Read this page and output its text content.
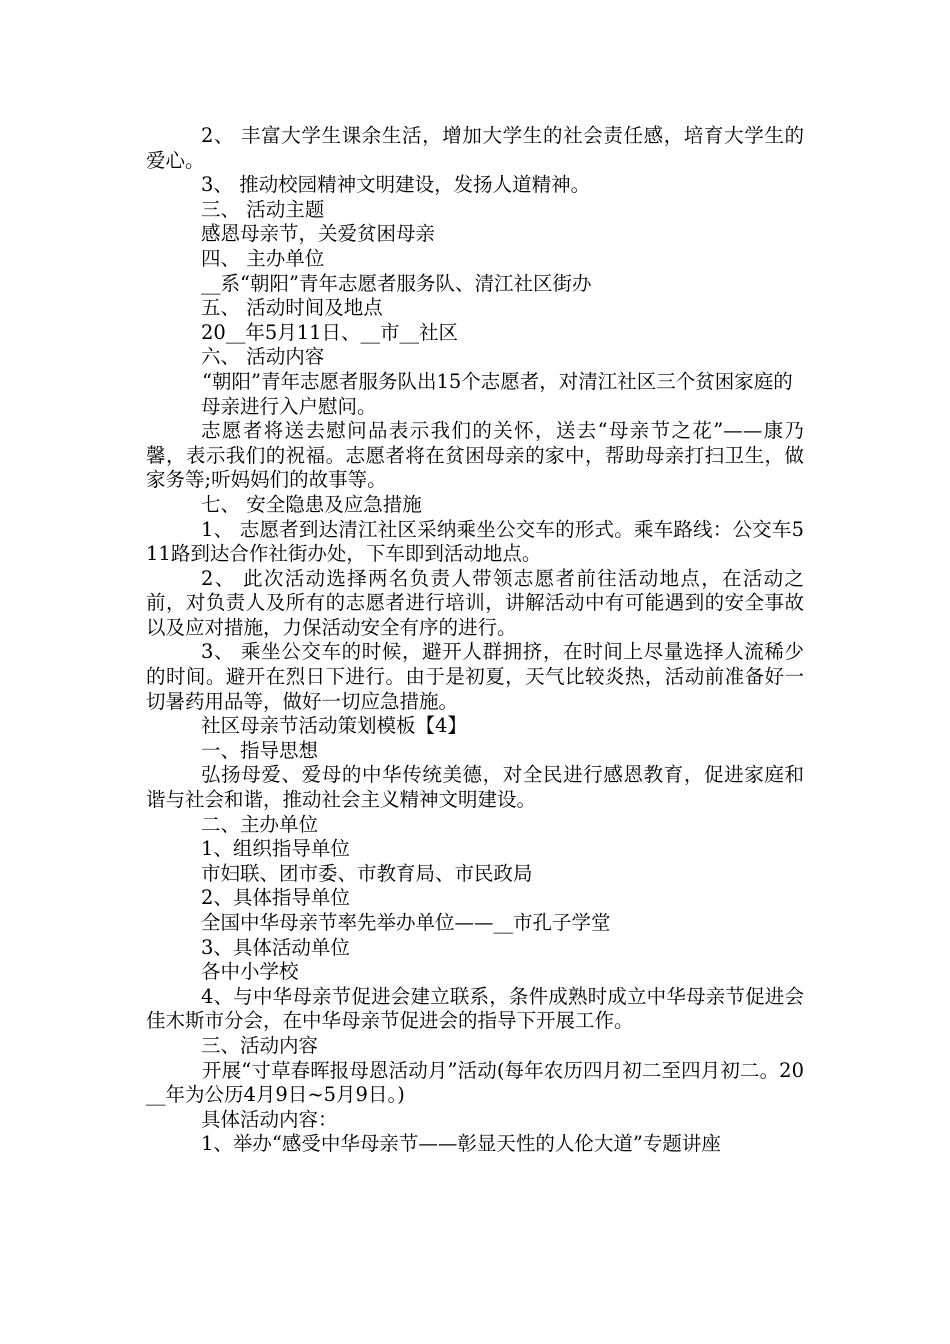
2、 丰富大学生课余生活，增加大学生的社会责任感，培育大学生的爱心。

3、 推动校园精神文明建设，发扬人道精神。

三、 活动主题

感恩母亲节，关爱贫困母亲

四、 主办单位

__系“朝阳”青年志愿者服务队、清江社区街办

五、 活动时间及地点

20__年5月11日、__市__社区

六、 活动内容

“朝阳”青年志愿者服务队出15个志愿者，对清江社区三个贫困家庭的

母亲进行入户慰问。

志愿者将送去慰问品表示我们的关怀，送去“母亲节之花”——康乃馨，表示我们的祝福。志愿者将在贫困母亲的家中，帮助母亲打扫卫生，做家务等;听妈妈们的故事等。

七、 安全隐患及应急措施

1、 志愿者到达清江社区采纳乘坐公交车的形式。乘车路线：公交车511路到达合作社街办处，下车即到活动地点。

2、 此次活动选择两名负责人带领志愿者前往活动地点，在活动之前，对负责人及所有的志愿者进行培训，讲解活动中有可能遇到的安全事故以及应对措施，力保活动安全有序的进行。

3、 乘坐公交车的时候，避开人群拥挤，在时间上尽量选择人流稀少的时间。避开在烈日下进行。由于是初夏，天气比较炎热，活动前准备好一切暑药用品等，做好一切应急措施。

社区母亲节活动策划模板【4】

一、指导思想

弘扬母爱、爱母的中华传统美德，对全民进行感恩教育，促进家庭和谐与社会和谐，推动社会主义精神文明建设。

二、主办单位

1、组织指导单位

市妇联、团市委、市教育局、市民政局

2、具体指导单位

全国中华母亲节率先举办单位——__市孔子学堂

3、具体活动单位

各中小学校

4、与中华母亲节促进会建立联系，条件成熟时成立中华母亲节促进会佳木斯市分会，在中华母亲节促进会的指导下开展工作。

三、活动内容

开展“寸草春晖报母恩活动月”活动(每年农历四月初二至四月初二。20__年为公历4月9日~5月9日。)

具体活动内容：

1、举办“感受中华母亲节——彰显天性的人伦大道”专题讲座
